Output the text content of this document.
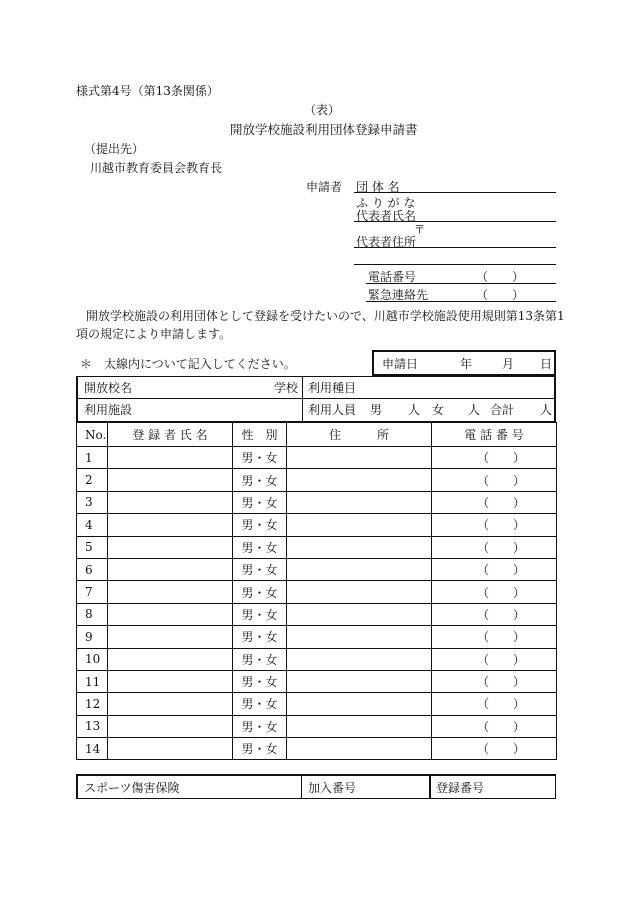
様式第4号（第13条関係）
（表）
開放学校施設利用団体登録申請書
（提出先）
川越市教育委員会教育長
申請者 団 体 名
ふ り が な
代表者氏名
〒
代表者住所
電話番号	（　　）
緊急連絡先	（　　）
開放学校施設の利用団体として登録を受けたいので、川越市学校施設使用規則第13条第1
項の規定により申請します。
＊　太線内について記入してください。	申請日	年 月 日
開放校名	学校 利用種目
利用施設	利用人員 男 人 女 人 合計 人
No.	登 録 者 氏 名	性　別	住　　　所	電 話 番 号
1		男・女		（　　）
2		男・女		（　　）
3		男・女		（　　）
4		男・女		（　　）
5		男・女		（　　）
6		男・女		（　　）
7		男・女		（　　）
8		男・女		（　　）
9		男・女		（　　）
10		男・女		（　　）
11		男・女		（　　）
12		男・女		（　　）
13		男・女		（　　）
14		男・女		（　　）
スポーツ傷害保険	加入番号	登録番号
